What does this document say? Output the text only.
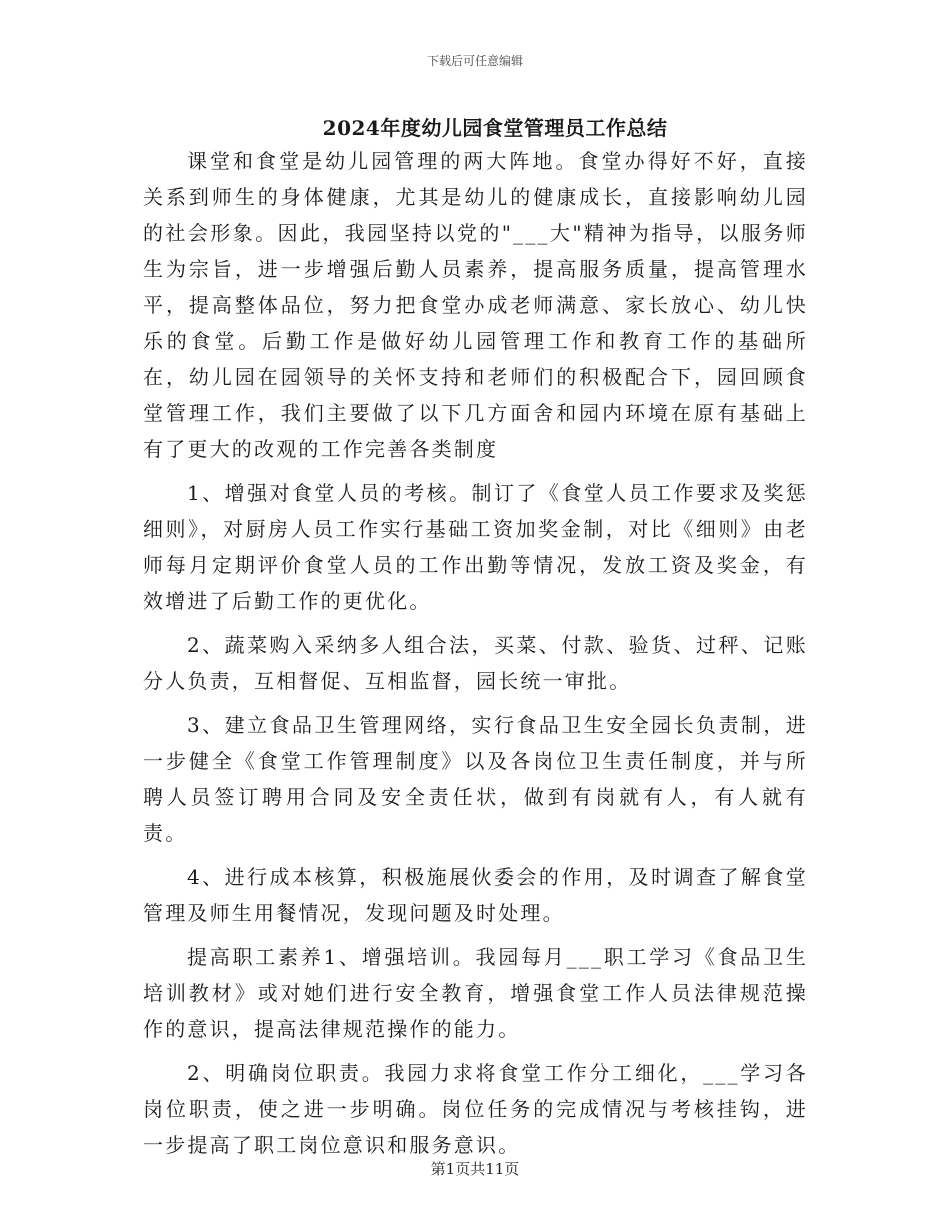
下载后可任意编辑
2024年度幼儿园食堂管理员工作总结

课堂和食堂是幼儿园管理的两大阵地。食堂办得好不好，直接关系到师生的身体健康，尤其是幼儿的健康成长，直接影响幼儿园的社会形象。因此，我园坚持以党的"___大"精神为指导，以服务师生为宗旨，进一步增强后勤人员素养，提高服务质量，提高管理水平，提高整体品位，努力把食堂办成老师满意、家长放心、幼儿快乐的食堂。后勤工作是做好幼儿园管理工作和教育工作的基础所在，幼儿园在园领导的关怀支持和老师们的积极配合下，园回顾食堂管理工作，我们主要做了以下几方面舍和园内环境在原有基础上有了更大的改观的工作完善各类制度

1、增强对食堂人员的考核。制订了《食堂人员工作要求及奖惩细则》，对厨房人员工作实行基础工资加奖金制，对比《细则》由老师每月定期评价食堂人员的工作出勤等情况，发放工资及奖金，有效增进了后勤工作的更优化。

2、蔬菜购入采纳多人组合法，买菜、付款、验货、过秤、记账分人负责，互相督促、互相监督，园长统一审批。

3、建立食品卫生管理网络，实行食品卫生安全园长负责制，进一步健全《食堂工作管理制度》以及各岗位卫生责任制度，并与所聘人员签订聘用合同及安全责任状，做到有岗就有人，有人就有责。

4、进行成本核算，积极施展伙委会的作用，及时调查了解食堂管理及师生用餐情况，发现问题及时处理。

提高职工素养1、增强培训。我园每月___职工学习《食品卫生培训教材》或对她们进行安全教育，增强食堂工作人员法律规范操作的意识，提高法律规范操作的能力。

2、明确岗位职责。我园力求将食堂工作分工细化，___学习各岗位职责，使之进一步明确。岗位任务的完成情况与考核挂钩，进一步提高了职工岗位意识和服务意识。

第1页共11页
